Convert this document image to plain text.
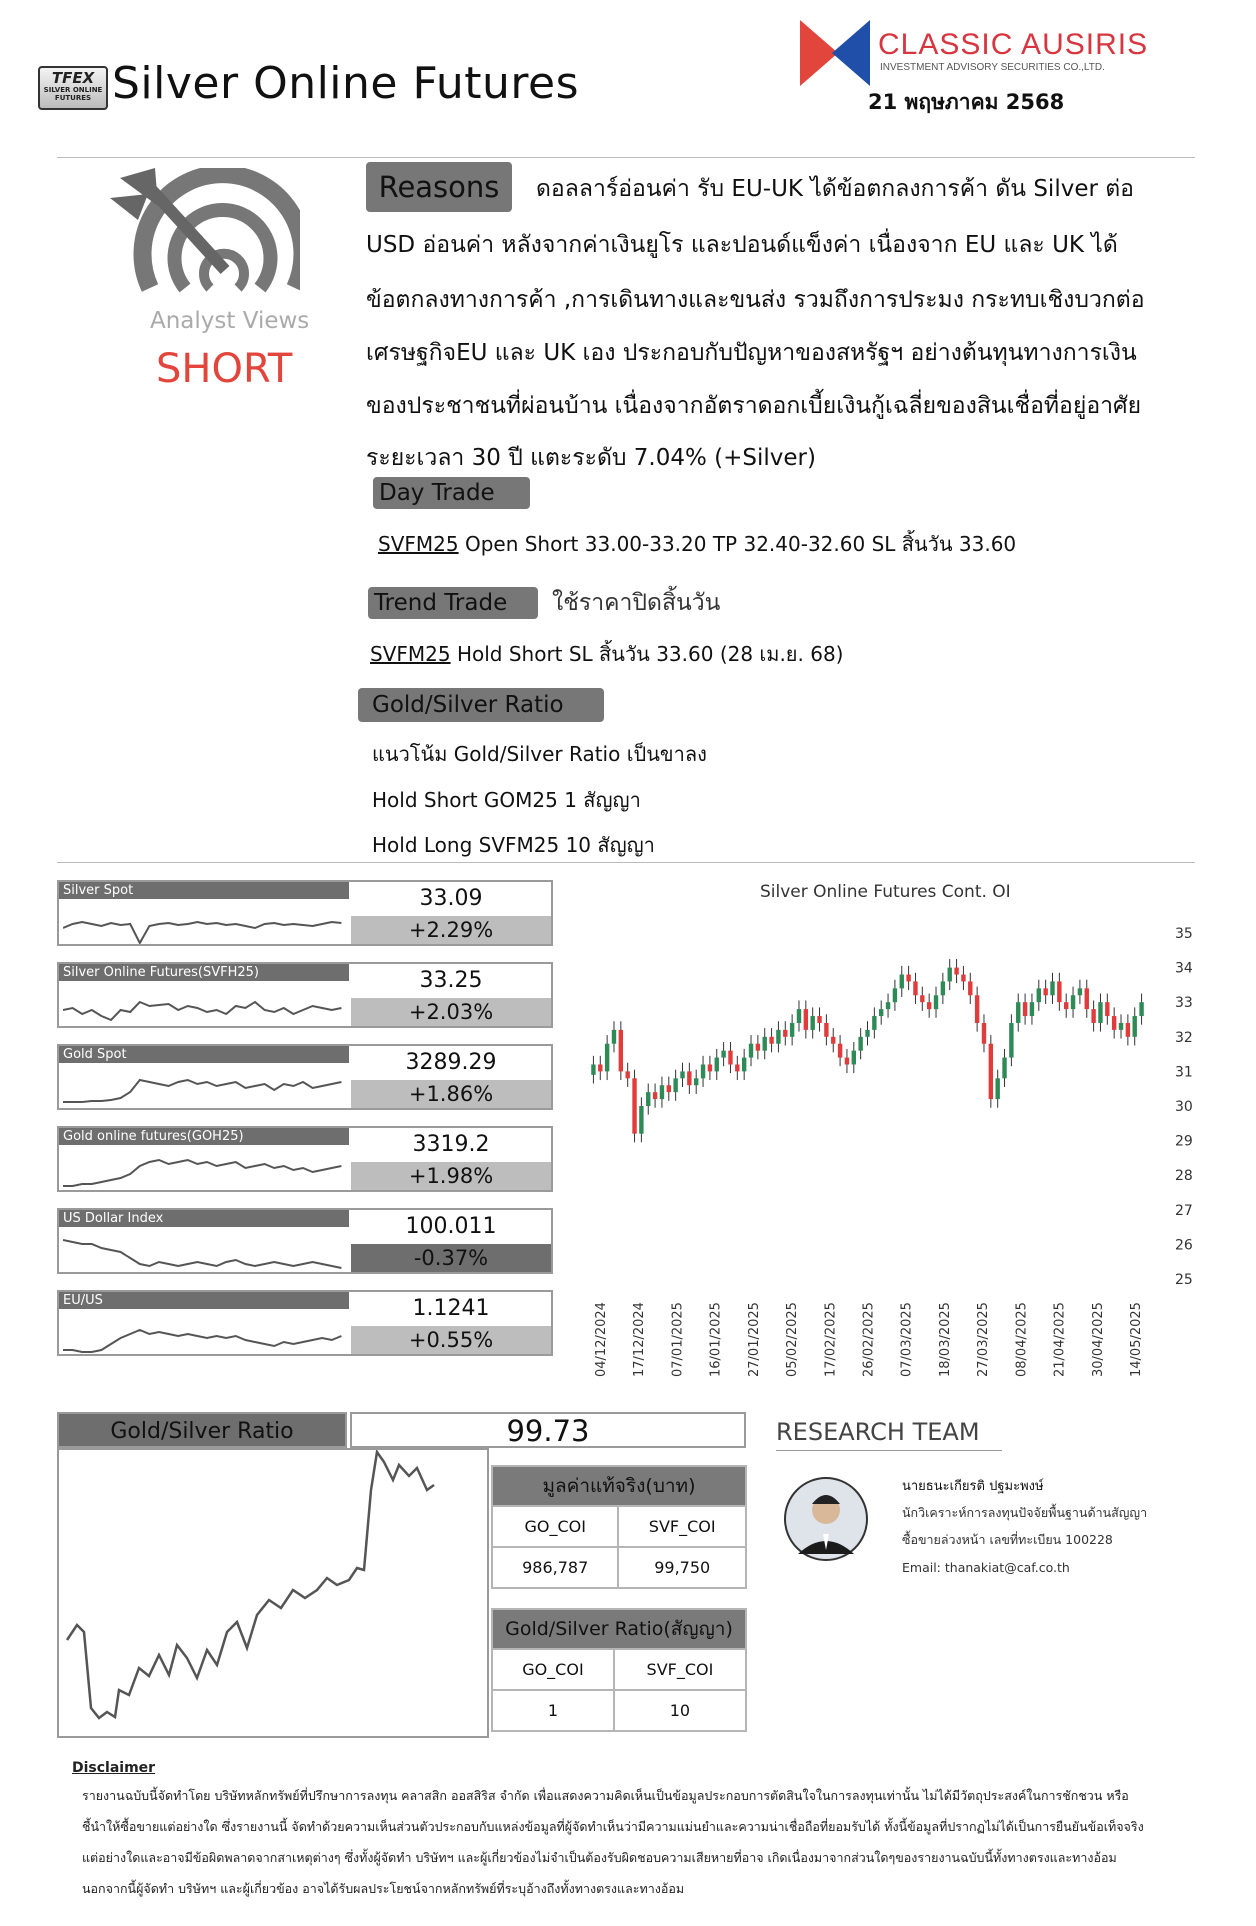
TFEX
SILVER ONLINE FUTURES Silver Online Futures
CLASSIC AUSIRIS
INVESTMENT ADVISORY SECURITIES CO.,LTD.
21 พฤษภาคม 2568
Analyst Views
SHORT
Reasons	ดอลลาร์อ่อนค่า รับ EU-UK ได้ข้อตกลงการค้า ดัน Silver ต่อ
USD อ่อนค่า หลังจากค่าเงินยูโร และปอนด์แข็งค่า เนื่องจาก EU และ UK ได้
ข้อตกลงทางการค้า ,การเดินทางและขนส่ง รวมถึงการประมง กระทบเชิงบวกต่อ
เศรษฐกิจEU และ UK เอง ประกอบกับปัญหาของสหรัฐฯ อย่างต้นทุนทางการเงิน
ของประชาชนที่ผ่อนบ้าน เนื่องจากอัตราดอกเบี้ยเงินกู้เฉลี่ยของสินเชื่อที่อยู่อาศัย
ระยะเวลา 30 ปี แตะระดับ 7.04% (+Silver)
Day Trade
SVFM25 Open Short 33.00-33.20 TP 32.40-32.60 SL สิ้นวัน 33.60
Trend Trade	ใช้ราคาปิดสิ้นวัน
SVFM25 Hold Short SL สิ้นวัน 33.60 (28 เม.ย. 68)
Gold/Silver Ratio
แนวโน้ม Gold/Silver Ratio เป็นขาลง
Hold Short GOM25 1 สัญญา
Hold Long SVFM25 10 สัญญา
Silver Spot	33.09
+2.29%
Silver Online Futures(SVFH25)	33.25
+2.03%
Gold Spot	3289.29
+1.86%
Gold online futures(GOH25)	3319.2
+1.98%
US Dollar Index	100.011
-0.37%
EU/US	1.1241
+0.55%
Silver Online Futures Cont. OI
35
34
33
32
31
30
29
28
27
26
25
04/12/2024 17/12/2024 07/01/2025 16/01/2025 27/01/2025 05/02/2025 17/02/2025 26/02/2025 07/03/2025 18/03/2025 27/03/2025 08/04/2025 21/04/2025 30/04/2025 14/05/2025
Gold/Silver Ratio	99.73
มูลค่าแท้จริง(บาท)	
GO_COI	SVF_COI
986,787	99,750
Gold/Silver Ratio(สัญญา)	
GO_COI	SVF_COI
1	10
RESEARCH TEAM
นายธนะเกียรติ ปฐมะพงษ์
นักวิเคราะห์การลงทุนปัจจัยพื้นฐานด้านสัญญา
ซื้อขายล่วงหน้า เลขที่ทะเบียน 100228
Email: thanakiat@caf.co.th
Disclaimer
รายงานฉบับนี้จัดทำโดย บริษัทหลักทรัพย์ที่ปรึกษาการลงทุน คลาสสิก ออสสิริส จำกัด เพื่อแสดงความคิดเห็นเป็นข้อมูลประกอบการตัดสินใจในการลงทุนเท่านั้น ไม่ได้มีวัตถุประสงค์ในการชักชวน หรือ
ชี้นำให้ซื้อขายแต่อย่างใด ซึ่งรายงานนี้ จัดทำด้วยความเห็นส่วนตัวประกอบกับแหล่งข้อมูลที่ผู้จัดทำเห็นว่ามีความแม่นยำและความน่าเชื่อถือที่ยอมรับได้ ทั้งนี้ข้อมูลที่ปรากฏไม่ได้เป็นการยืนยันข้อเท็จจริง
แต่อย่างใดและอาจมีข้อผิดพลาดจากสาเหตุต่างๆ ซึ่งทั้งผู้จัดทำ บริษัทฯ และผู้เกี่ยวข้องไม่จำเป็นต้องรับผิดชอบความเสียหายที่อาจ เกิดเนื่องมาจากส่วนใดๆของรายงานฉบับนี้ทั้งทางตรงและทางอ้อม
นอกจากนี้ผู้จัดทำ บริษัทฯ และผู้เกี่ยวข้อง อาจได้รับผลประโยชน์จากหลักทรัพย์ที่ระบุอ้างถึงทั้งทางตรงและทางอ้อม
